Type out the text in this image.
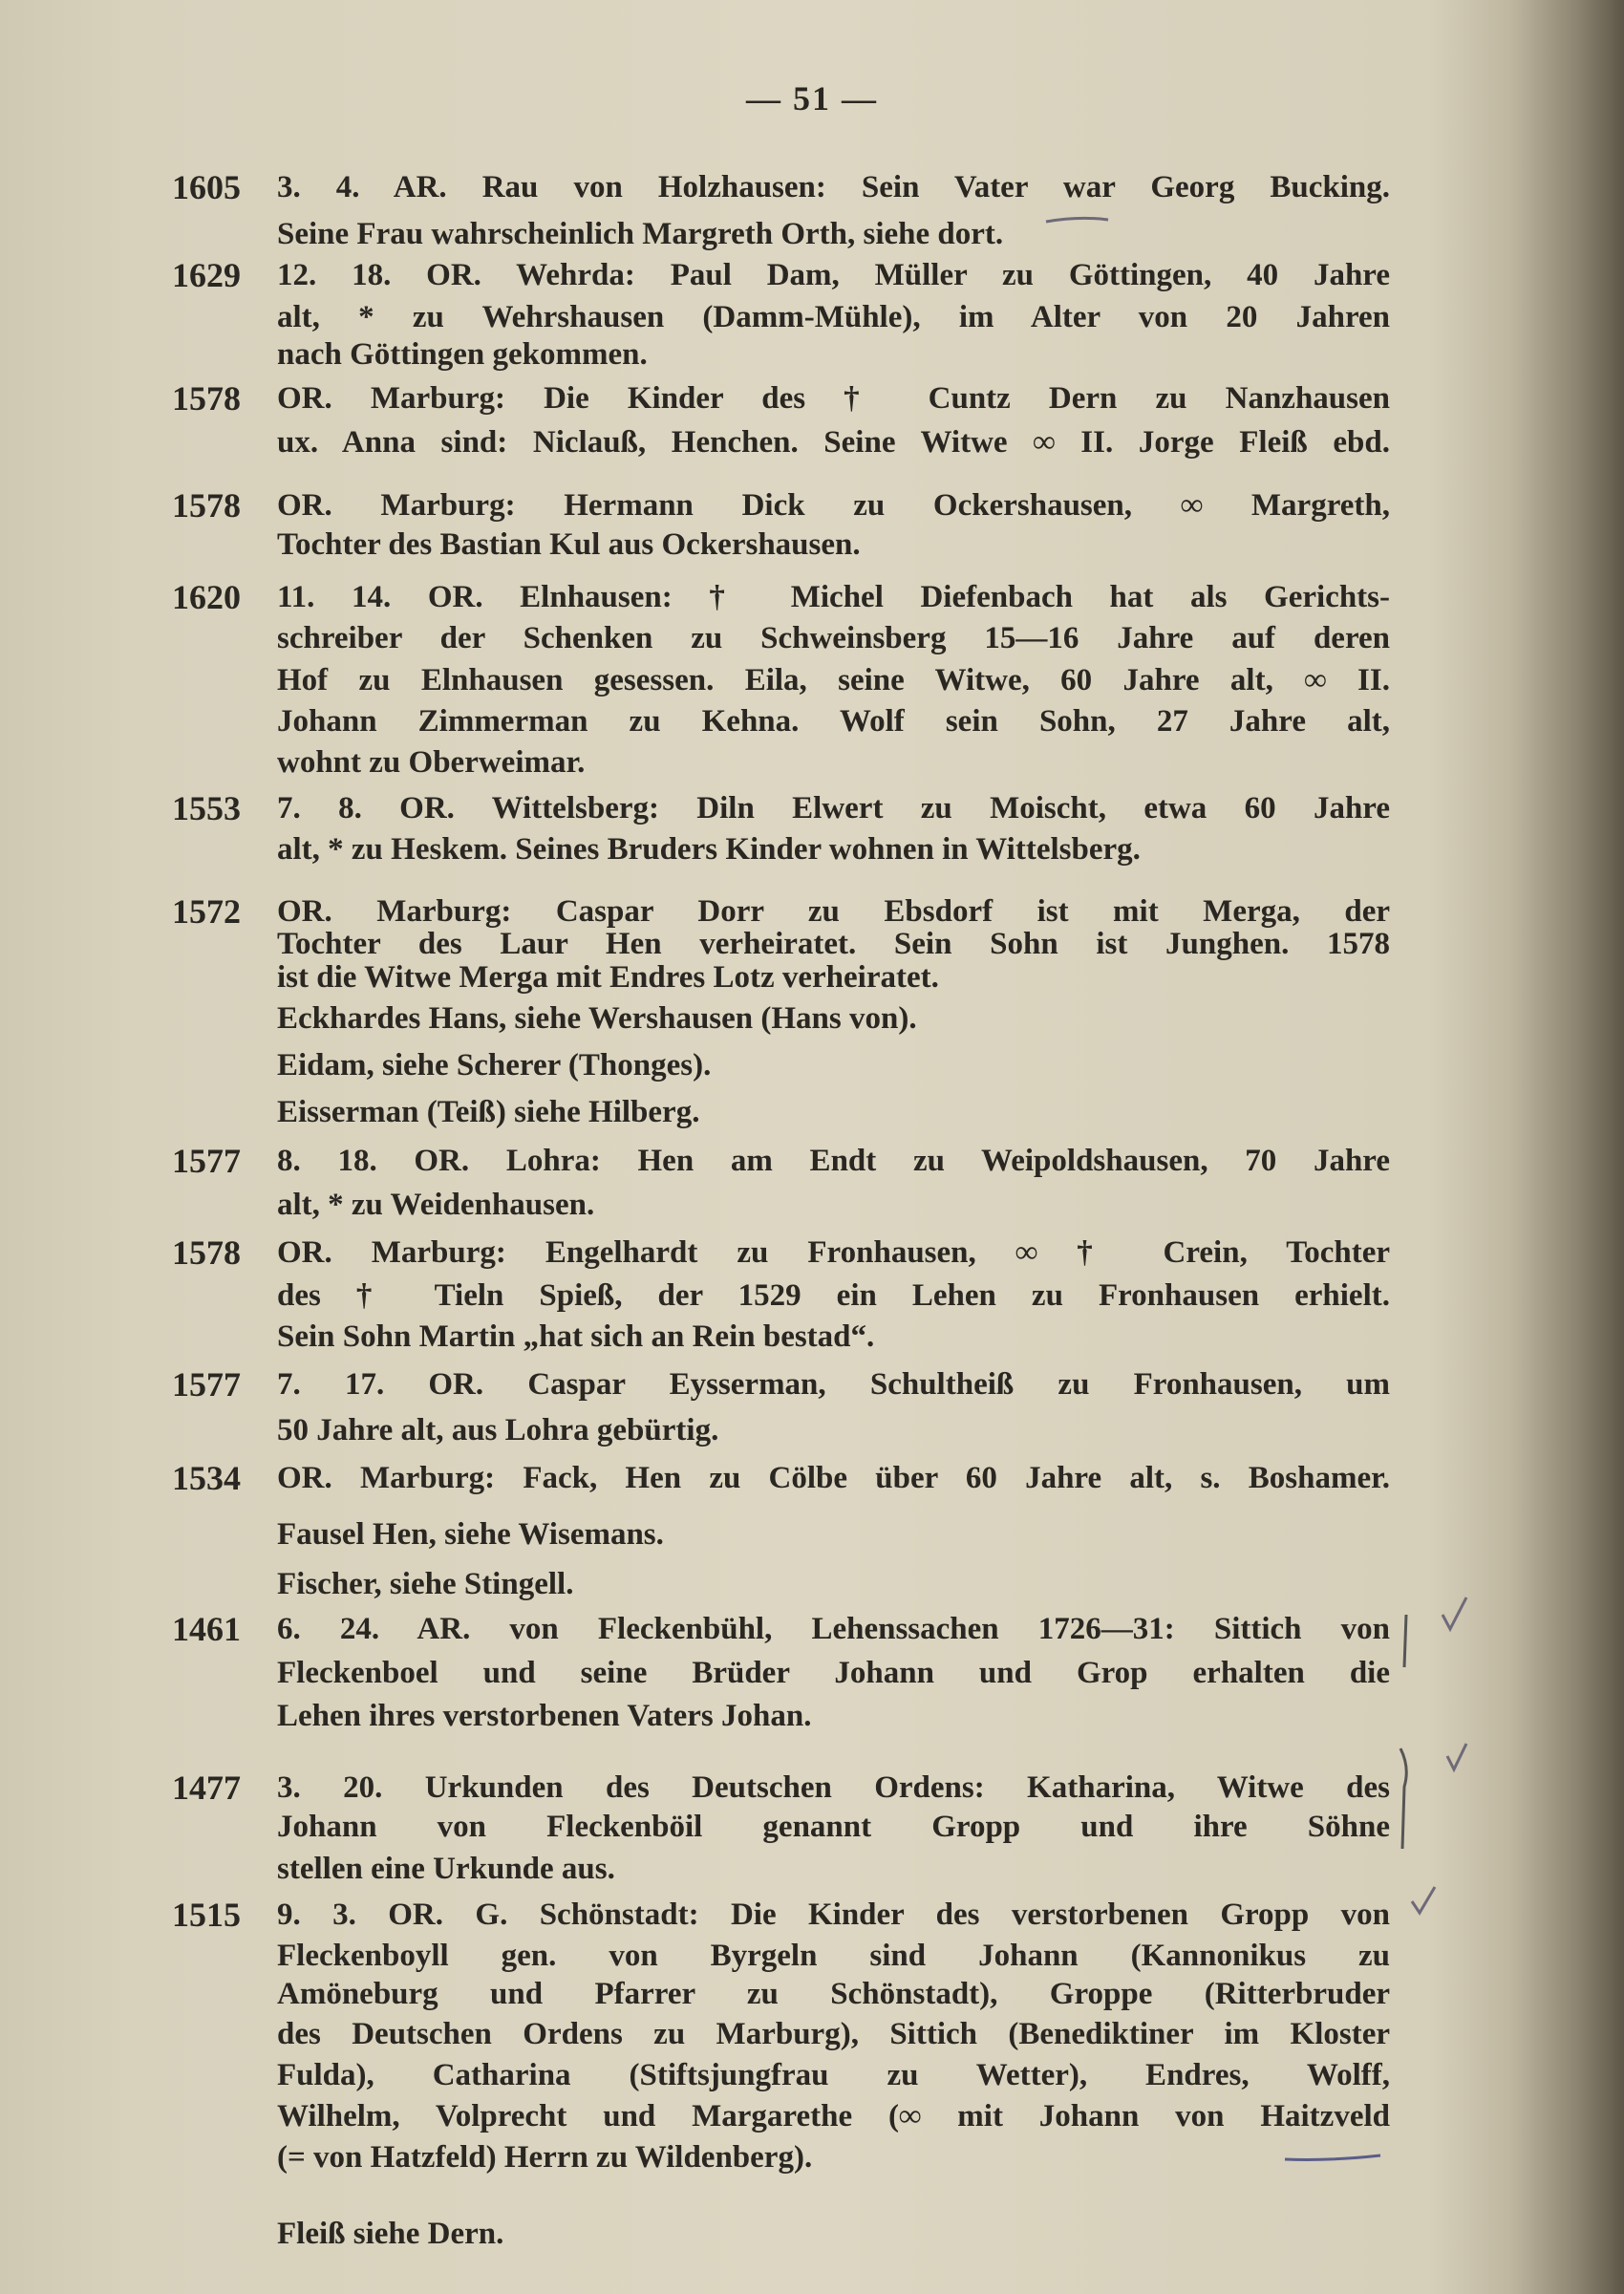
— 51 —
1605 3. 4. AR. Rau von Holzhausen: Sein Vater war Georg Bucking.
Seine Frau wahrscheinlich Margreth Orth, siehe dort.
1629 12. 18. OR. Wehrda: Paul Dam, Müller zu Göttingen, 40 Jahre
alt, * zu Wehrshausen (Damm-Mühle), im Alter von 20 Jahren
nach Göttingen gekommen.
1578 OR. Marburg: Die Kinder des † Cuntz Dern zu Nanzhausen
ux. Anna sind: Niclauß, Henchen. Seine Witwe ∞ II. Jorge Fleiß ebd.
1578 OR. Marburg: Hermann Dick zu Ockershausen, ∞ Margreth,
Tochter des Bastian Kul aus Ockershausen.
1620 11. 14. OR. Elnhausen: † Michel Diefenbach hat als Gerichts-
schreiber der Schenken zu Schweinsberg 15—16 Jahre auf deren
Hof zu Elnhausen gesessen. Eila, seine Witwe, 60 Jahre alt, ∞ II.
Johann Zimmerman zu Kehna. Wolf sein Sohn, 27 Jahre alt,
wohnt zu Oberweimar.
1553 7. 8. OR. Wittelsberg: Diln Elwert zu Moischt, etwa 60 Jahre
alt, * zu Heskem. Seines Bruders Kinder wohnen in Wittelsberg.
1572 OR. Marburg: Caspar Dorr zu Ebsdorf ist mit Merga, der
Tochter des Laur Hen verheiratet. Sein Sohn ist Junghen. 1578
ist die Witwe Merga mit Endres Lotz verheiratet.
Eckhardes Hans, siehe Wershausen (Hans von).
Eidam, siehe Scherer (Thonges).
Eisserman (Teiß) siehe Hilberg.
1577 8. 18. OR. Lohra: Hen am Endt zu Weipoldshausen, 70 Jahre
alt, * zu Weidenhausen.
1578 OR. Marburg: Engelhardt zu Fronhausen, ∞ † Crein, Tochter
des † Tieln Spieß, der 1529 ein Lehen zu Fronhausen erhielt.
Sein Sohn Martin „hat sich an Rein bestad“.
1577 7. 17. OR. Caspar Eysserman, Schultheiß zu Fronhausen, um
50 Jahre alt, aus Lohra gebürtig.
1534 OR. Marburg: Fack, Hen zu Cölbe über 60 Jahre alt, s. Boshamer.
Fausel Hen, siehe Wisemans.
Fischer, siehe Stingell.
1461 6. 24. AR. von Fleckenbühl, Lehenssachen 1726—31: Sittich von
Fleckenboel und seine Brüder Johann und Grop erhalten die
Lehen ihres verstorbenen Vaters Johan.
1477 3. 20. Urkunden des Deutschen Ordens: Katharina, Witwe des
Johann von Fleckenböil genannt Gropp und ihre Söhne
stellen eine Urkunde aus.
1515 9. 3. OR. G. Schönstadt: Die Kinder des verstorbenen Gropp von
Fleckenboyll gen. von Byrgeln sind Johann (Kannonikus zu
Amöneburg und Pfarrer zu Schönstadt), Groppe (Ritterbruder
des Deutschen Ordens zu Marburg), Sittich (Benediktiner im Kloster
Fulda), Catharina (Stiftsjungfrau zu Wetter), Endres, Wolff,
Wilhelm, Volprecht und Margarethe (∞ mit Johann von Haitzveld
(= von Hatzfeld) Herrn zu Wildenberg).
Fleiß siehe Dern.
